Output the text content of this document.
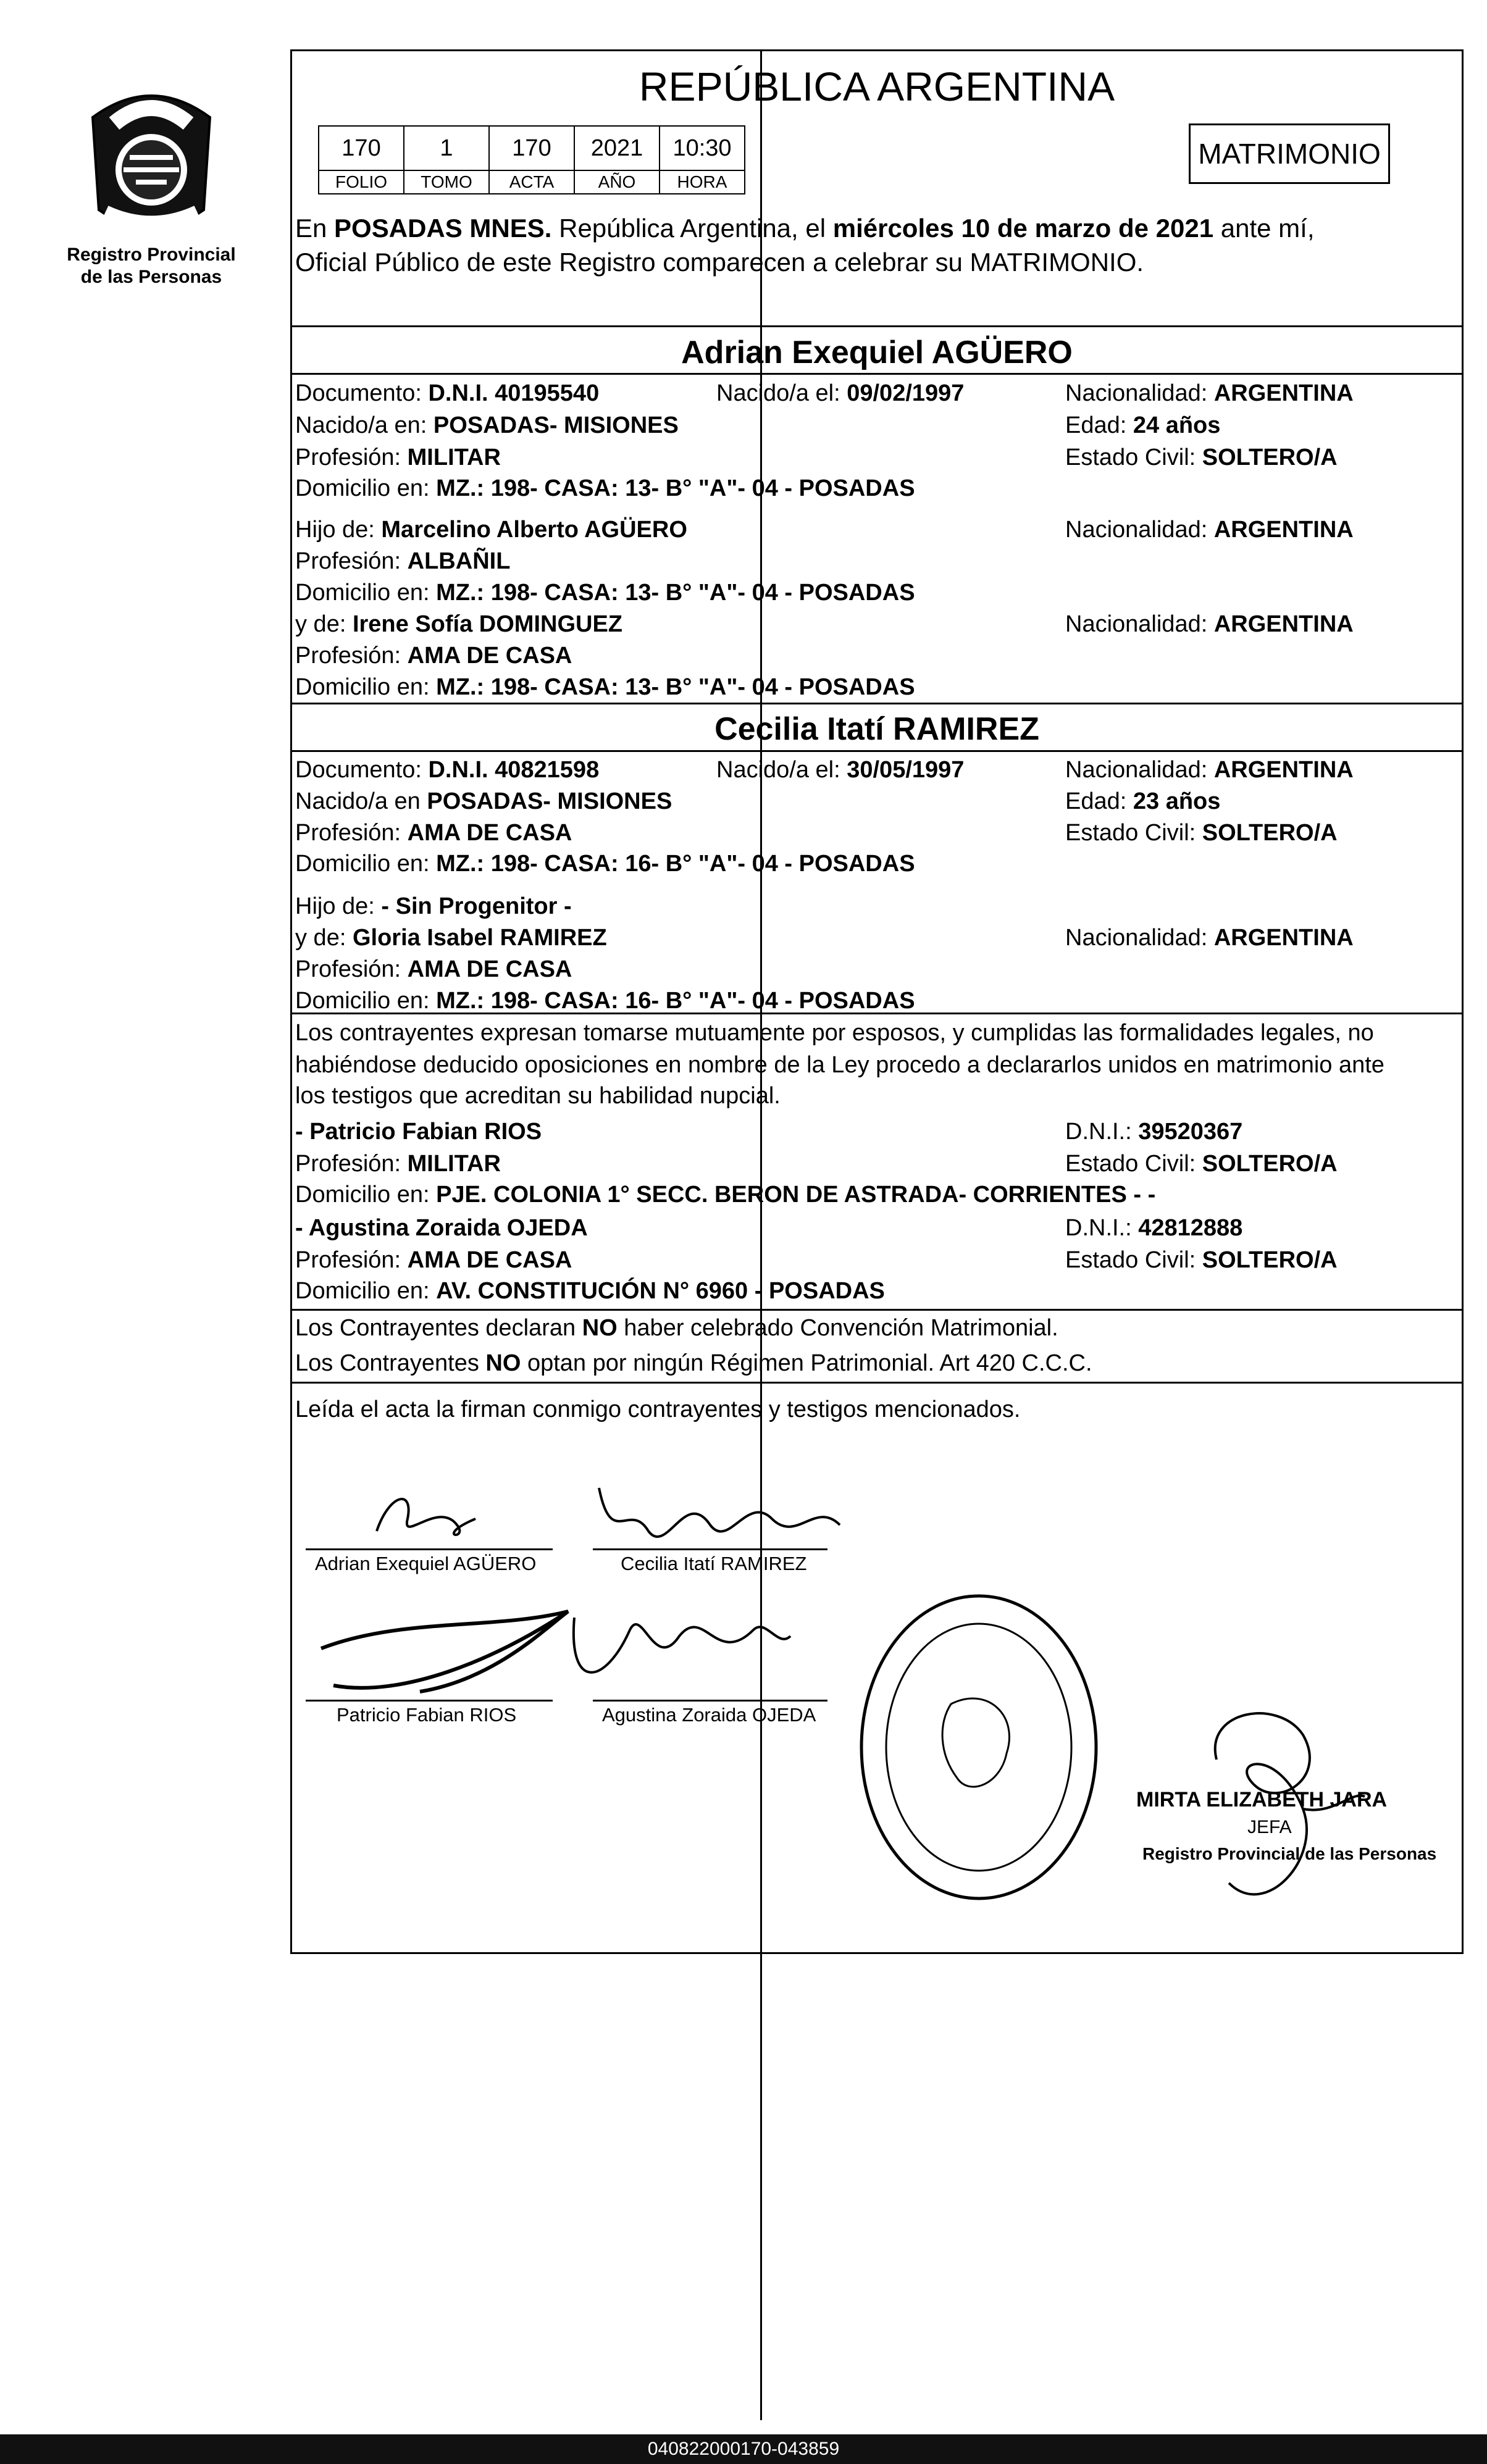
Registro Provincial
de las Personas
REPÚBLICA ARGENTINA
170	1	170	2021	10:30
FOLIO	TOMO	ACTA	AÑO	HORA
MATRIMONIO
En POSADAS MNES. República Argentina, el miércoles 10 de marzo de 2021 ante mí,
Oficial Público de este Registro comparecen a celebrar su MATRIMONIO.
Adrian Exequiel AGÜERO
Documento: D.N.I. 40195540	Nacido/a el: 09/02/1997	Nacionalidad: ARGENTINA
Nacido/a en: POSADAS- MISIONES	Edad: 24 años
Profesión: MILITAR	Estado Civil: SOLTERO/A
Domicilio en: MZ.: 198- CASA: 13- B° "A"- 04 - POSADAS
Hijo de: Marcelino Alberto AGÜERO	Nacionalidad: ARGENTINA
Profesión: ALBAÑIL
Domicilio en: MZ.: 198- CASA: 13- B° "A"- 04 - POSADAS
y de: Irene Sofía DOMINGUEZ	Nacionalidad: ARGENTINA
Profesión: AMA DE CASA
Domicilio en: MZ.: 198- CASA: 13- B° "A"- 04 - POSADAS
Cecilia Itatí RAMIREZ
Documento: D.N.I. 40821598	Nacido/a el: 30/05/1997	Nacionalidad: ARGENTINA
Nacido/a en POSADAS- MISIONES	Edad: 23 años
Profesión: AMA DE CASA	Estado Civil: SOLTERO/A
Domicilio en: MZ.: 198- CASA: 16- B° "A"- 04 - POSADAS
Hijo de: - Sin Progenitor -
y de: Gloria Isabel RAMIREZ	Nacionalidad: ARGENTINA
Profesión: AMA DE CASA
Domicilio en: MZ.: 198- CASA: 16- B° "A"- 04 - POSADAS
Los contrayentes expresan tomarse mutuamente por esposos, y cumplidas las formalidades legales, no
habiéndose deducido oposiciones en nombre de la Ley procedo a declararlos unidos en matrimonio ante
los testigos que acreditan su habilidad nupcial.
- Patricio Fabian RIOS	D.N.I.: 39520367
Profesión: MILITAR	Estado Civil: SOLTERO/A
Domicilio en: PJE. COLONIA 1° SECC. BERON DE ASTRADA- CORRIENTES - -
- Agustina Zoraida OJEDA	D.N.I.: 42812888
Profesión: AMA DE CASA	Estado Civil: SOLTERO/A
Domicilio en: AV. CONSTITUCIÓN N° 6960 - POSADAS
Los Contrayentes declaran NO haber celebrado Convención Matrimonial.
Los Contrayentes NO optan por ningún Régimen Patrimonial. Art 420 C.C.C.
Leída el acta la firman conmigo contrayentes y testigos mencionados.
Adrian Exequiel AGÜERO	Cecilia Itatí RAMIREZ
Patricio Fabian RIOS	Agustina Zoraida OJEDA
MIRTA ELIZABETH JARA
JEFA
Registro Provincial de las Personas
040822000170-043859
